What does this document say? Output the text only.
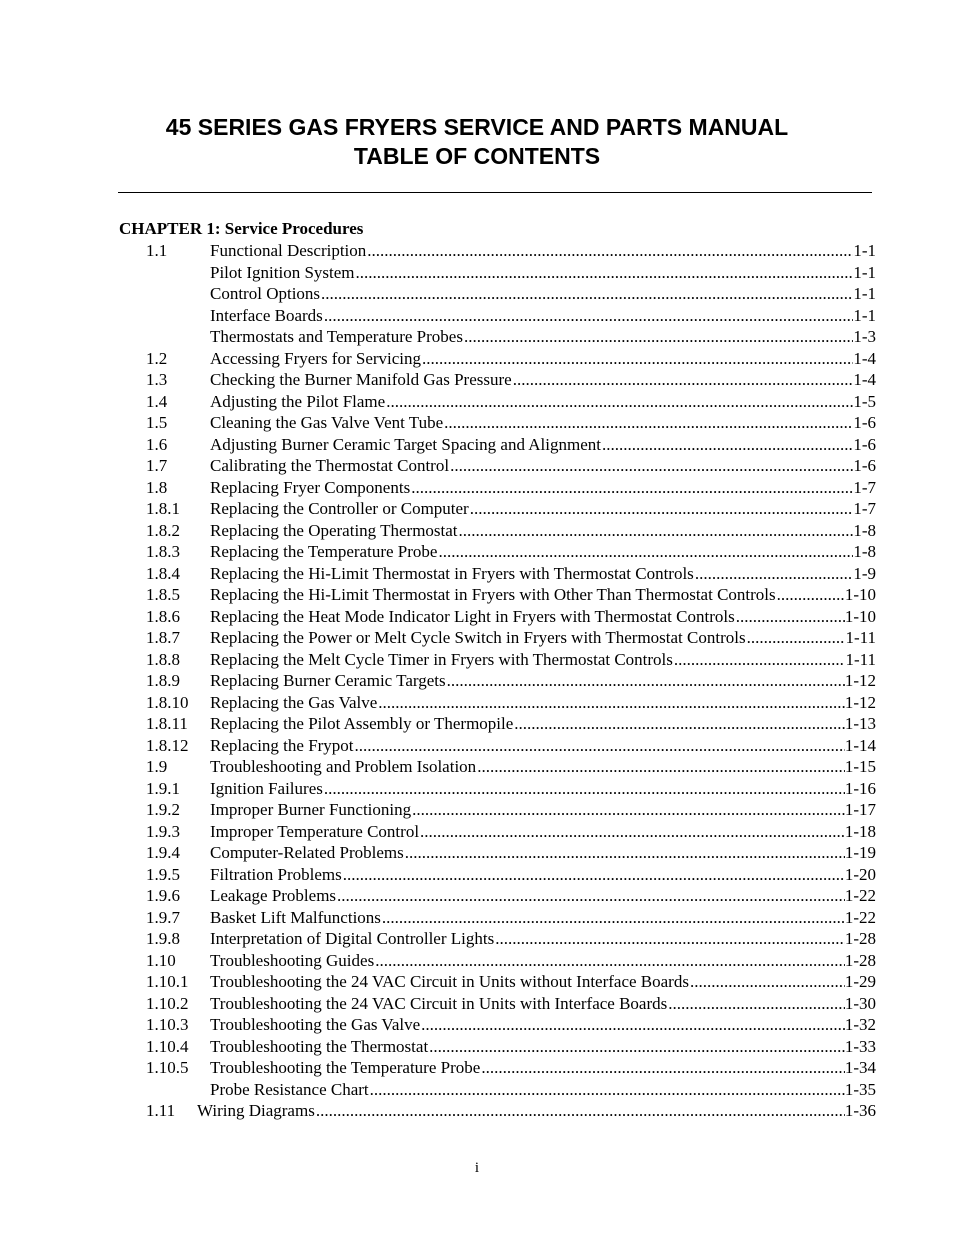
45 SERIES GAS FRYERS SERVICE AND PARTS MANUAL
TABLE OF CONTENTS
CHAPTER 1: Service Procedures
1.1	Functional Description .....	1-1
Pilot Ignition System .....	1-1
Control Options .....	1-1
Interface Boards .....	1-1
Thermostats and Temperature Probes .....	1-3
1.2	Accessing Fryers for Servicing .....	1-4
1.3	Checking the Burner Manifold Gas Pressure .....	1-4
1.4	Adjusting the Pilot Flame .....	1-5
1.5	Cleaning the Gas Valve Vent Tube .....	1-6
1.6	Adjusting Burner Ceramic Target Spacing and Alignment .....	1-6
1.7	Calibrating the Thermostat Control .....	1-6
1.8	Replacing Fryer Components .....	1-7
1.8.1 Replacing the Controller or Computer .....	1-7
1.8.2 Replacing the Operating Thermostat .....	1-8
1.8.3 Replacing the Temperature Probe .....	1-8
1.8.4 Replacing the Hi-Limit Thermostat in Fryers with Thermostat Controls .....	1-9
1.8.5 Replacing the Hi-Limit Thermostat in Fryers with Other Than Thermostat Controls .....	1-10
1.8.6 Replacing the Heat Mode Indicator Light in Fryers with Thermostat Controls .....	1-10
1.8.7 Replacing the Power or Melt Cycle Switch in Fryers with Thermostat Controls .....	1-11
1.8.8 Replacing the Melt Cycle Timer in Fryers with Thermostat Controls .....	1-11
1.8.9 Replacing Burner Ceramic Targets .....	1-12
1.8.10 Replacing the Gas Valve .....	1-12
1.8.11 Replacing the Pilot Assembly or Thermopile .....	1-13
1.8.12 Replacing the Frypot .....	1-14
1.9	Troubleshooting and Problem Isolation .....	1-15
1.9.1 Ignition Failures .....	1-16
1.9.2 Improper Burner Functioning .....	1-17
1.9.3 Improper Temperature Control .....	1-18
1.9.4 Computer-Related Problems .....	1-19
1.9.5 Filtration Problems .....	1-20
1.9.6 Leakage Problems .....	1-22
1.9.7 Basket Lift Malfunctions .....	1-22
1.9.8 Interpretation of Digital Controller Lights .....	1-28
1.10 Troubleshooting Guides .....	1-28
1.10.1 Troubleshooting the 24 VAC Circuit in Units without Interface Boards .....	1-29
1.10.2 Troubleshooting the 24 VAC Circuit in Units with Interface Boards .....	1-30
1.10.3 Troubleshooting the Gas Valve .....	1-32
1.10.4 Troubleshooting the Thermostat .....	1-33
1.10.5 Troubleshooting the Temperature Probe .....	1-34
Probe Resistance Chart .....	1-35
1.11 Wiring Diagrams .....	1-36
i
